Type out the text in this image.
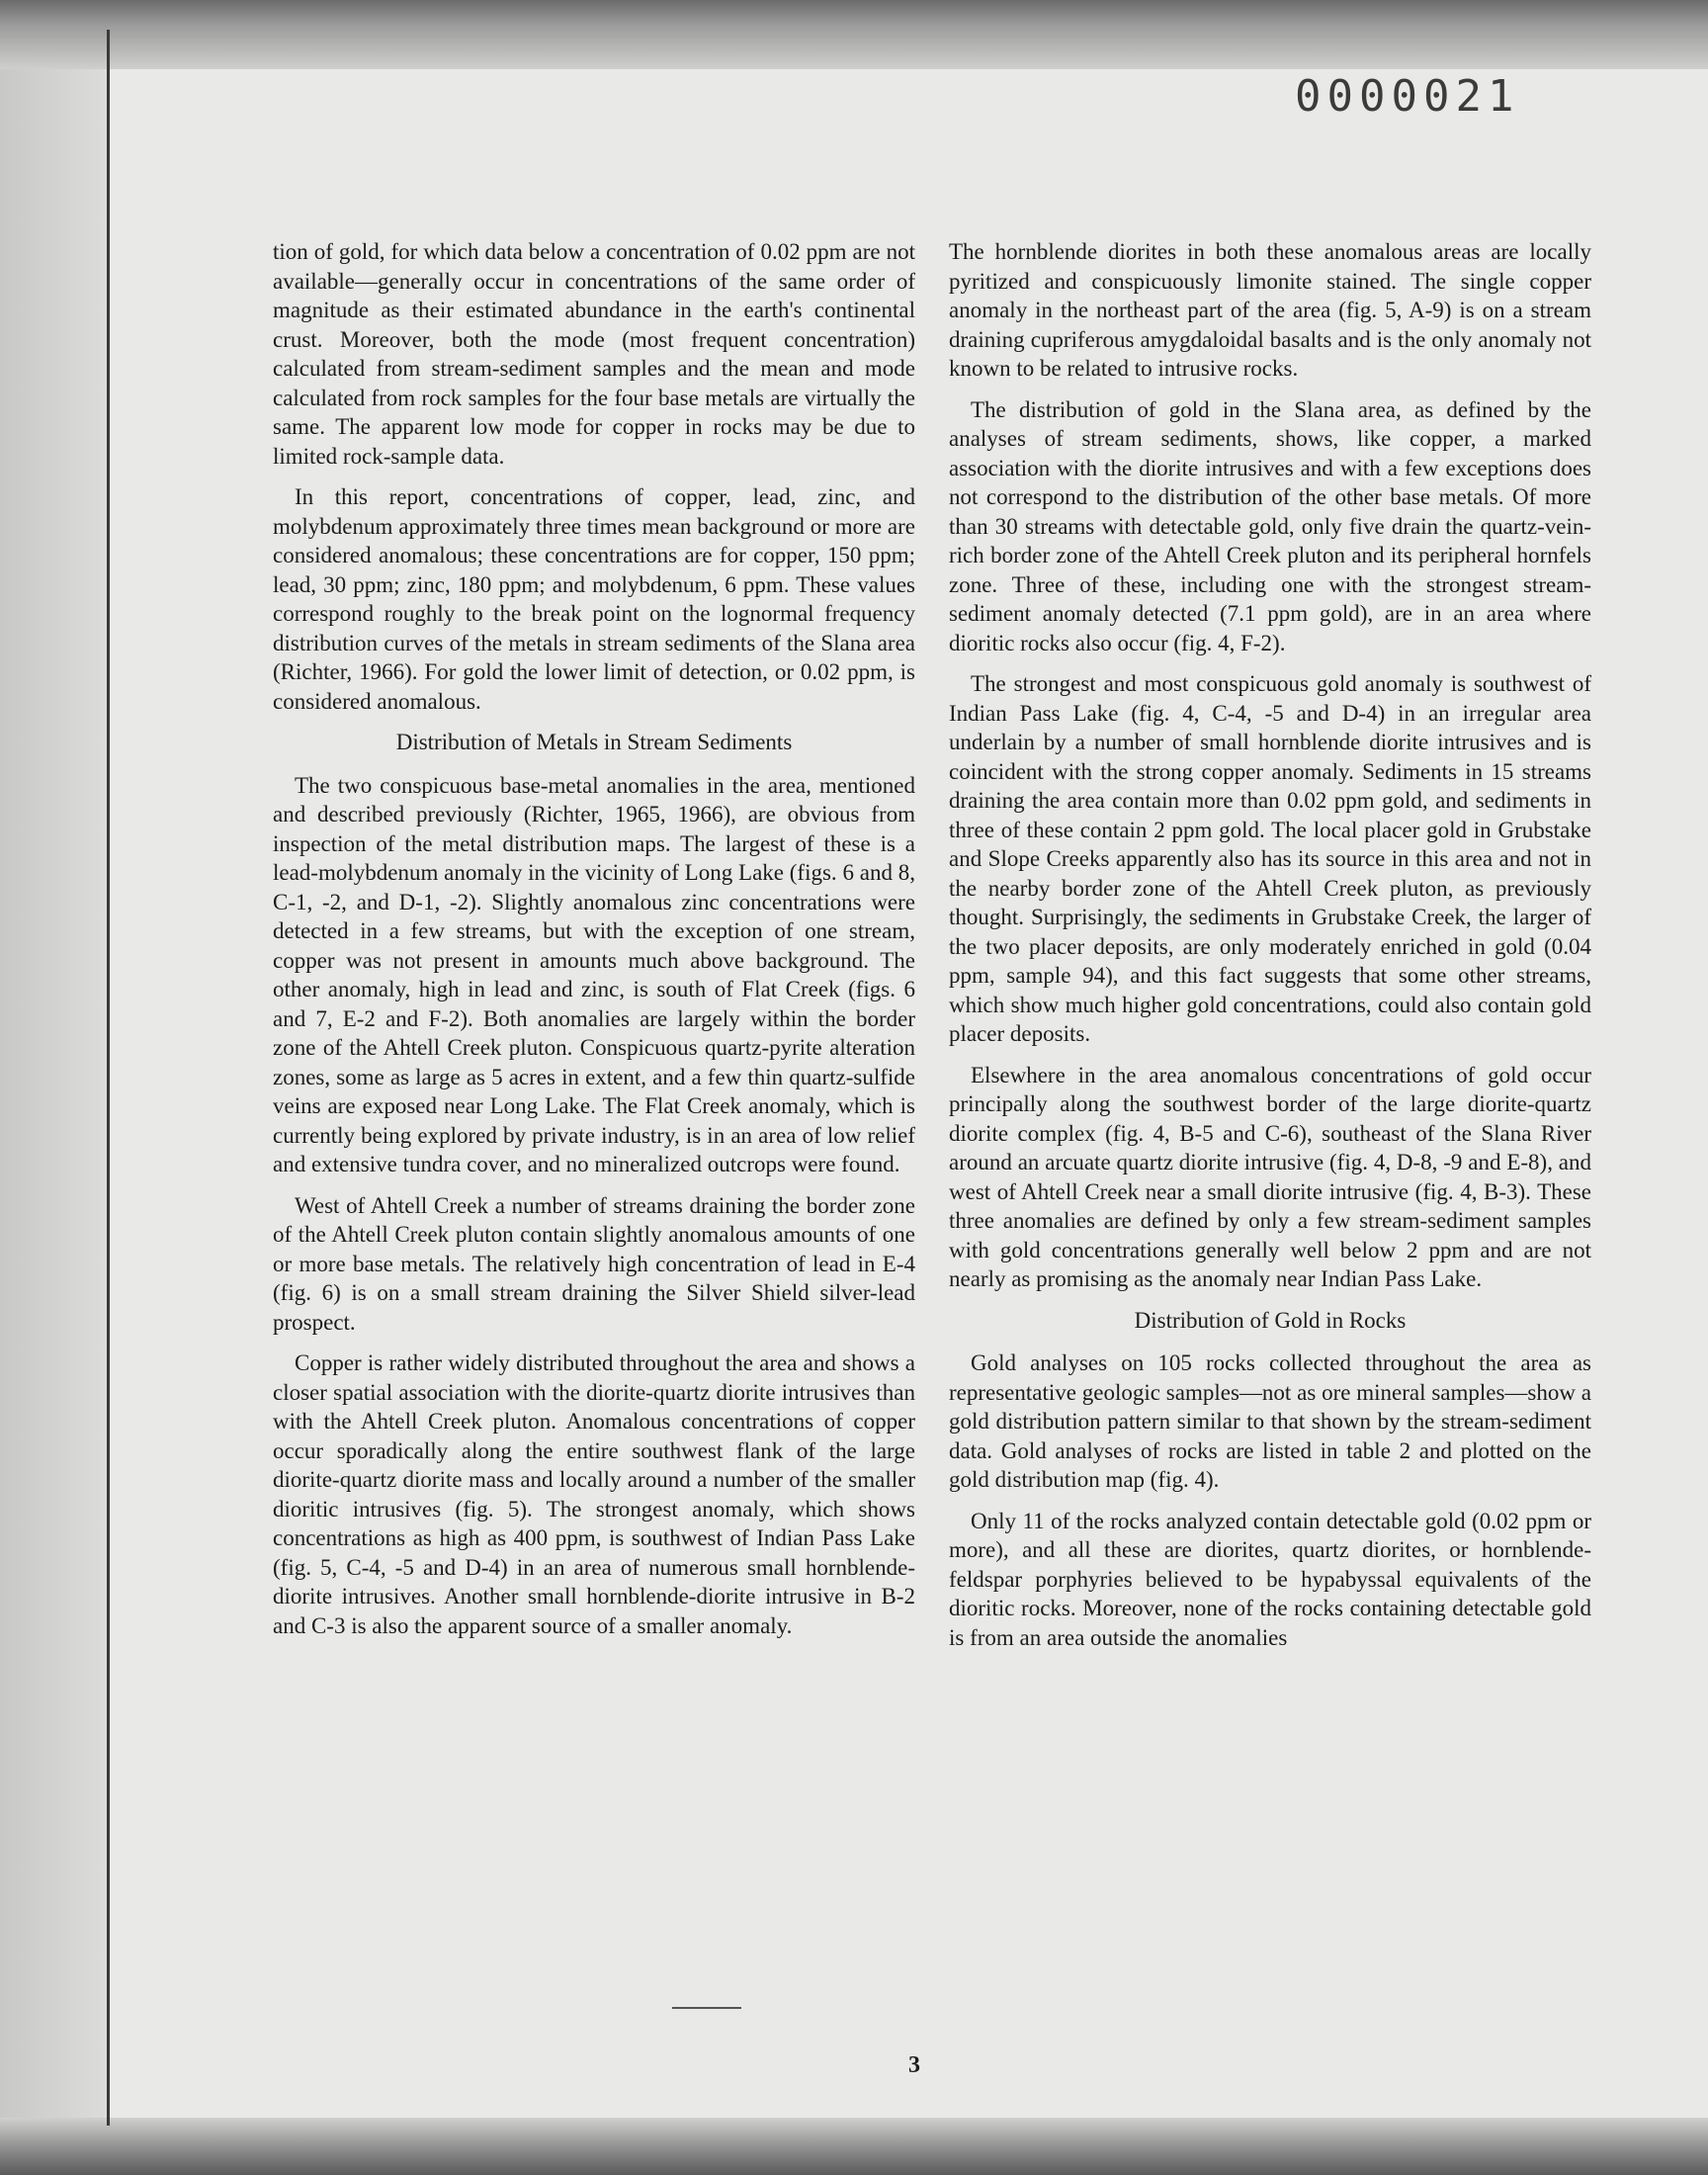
0000021

tion of gold, for which data below a concentration of 0.02 ppm are not available—generally occur in concentrations of the same order of magnitude as their estimated abundance in the earth's continental crust. Moreover, both the mode (most frequent concentration) calculated from stream-sediment samples and the mean and mode calculated from rock samples for the four base metals are virtually the same. The apparent low mode for copper in rocks may be due to limited rock-sample data.

In this report, concentrations of copper, lead, zinc, and molybdenum approximately three times mean background or more are considered anomalous; these concentrations are for copper, 150 ppm; lead, 30 ppm; zinc, 180 ppm; and molybdenum, 6 ppm. These values correspond roughly to the break point on the lognormal frequency distribution curves of the metals in stream sediments of the Slana area (Richter, 1966). For gold the lower limit of detection, or 0.02 ppm, is considered anomalous.

Distribution of Metals in Stream Sediments

The two conspicuous base-metal anomalies in the area, mentioned and described previously (Richter, 1965, 1966), are obvious from inspection of the metal distribution maps. The largest of these is a lead-molybdenum anomaly in the vicinity of Long Lake (figs. 6 and 8, C-1, -2, and D-1, -2). Slightly anomalous zinc concentrations were detected in a few streams, but with the exception of one stream, copper was not present in amounts much above background. The other anomaly, high in lead and zinc, is south of Flat Creek (figs. 6 and 7, E-2 and F-2). Both anomalies are largely within the border zone of the Ahtell Creek pluton. Conspicuous quartz-pyrite alteration zones, some as large as 5 acres in extent, and a few thin quartz-sulfide veins are exposed near Long Lake. The Flat Creek anomaly, which is currently being explored by private industry, is in an area of low relief and extensive tundra cover, and no mineralized outcrops were found.

West of Ahtell Creek a number of streams draining the border zone of the Ahtell Creek pluton contain slightly anomalous amounts of one or more base metals. The relatively high concentration of lead in E-4 (fig. 6) is on a small stream draining the Silver Shield silver-lead prospect.

Copper is rather widely distributed throughout the area and shows a closer spatial association with the diorite-quartz diorite intrusives than with the Ahtell Creek pluton. Anomalous concentrations of copper occur sporadically along the entire southwest flank of the large diorite-quartz diorite mass and locally around a number of the smaller dioritic intrusives (fig. 5). The strongest anomaly, which shows concentrations as high as 400 ppm, is southwest of Indian Pass Lake (fig. 5, C-4, -5 and D-4) in an area of numerous small hornblende-diorite intrusives. Another small hornblende-diorite intrusive in B-2 and C-3 is also the apparent source of a smaller anomaly.

The hornblende diorites in both these anomalous areas are locally pyritized and conspicuously limonite stained. The single copper anomaly in the northeast part of the area (fig. 5, A-9) is on a stream draining cupriferous amygdaloidal basalts and is the only anomaly not known to be related to intrusive rocks.

The distribution of gold in the Slana area, as defined by the analyses of stream sediments, shows, like copper, a marked association with the diorite intrusives and with a few exceptions does not correspond to the distribution of the other base metals. Of more than 30 streams with detectable gold, only five drain the quartz-vein-rich border zone of the Ahtell Creek pluton and its peripheral hornfels zone. Three of these, including one with the strongest stream-sediment anomaly detected (7.1 ppm gold), are in an area where dioritic rocks also occur (fig. 4, F-2).

The strongest and most conspicuous gold anomaly is southwest of Indian Pass Lake (fig. 4, C-4, -5 and D-4) in an irregular area underlain by a number of small hornblende diorite intrusives and is coincident with the strong copper anomaly. Sediments in 15 streams draining the area contain more than 0.02 ppm gold, and sediments in three of these contain 2 ppm gold. The local placer gold in Grubstake and Slope Creeks apparently also has its source in this area and not in the nearby border zone of the Ahtell Creek pluton, as previously thought. Surprisingly, the sediments in Grubstake Creek, the larger of the two placer deposits, are only moderately enriched in gold (0.04 ppm, sample 94), and this fact suggests that some other streams, which show much higher gold concentrations, could also contain gold placer deposits.

Elsewhere in the area anomalous concentrations of gold occur principally along the southwest border of the large diorite-quartz diorite complex (fig. 4, B-5 and C-6), southeast of the Slana River around an arcuate quartz diorite intrusive (fig. 4, D-8, -9 and E-8), and west of Ahtell Creek near a small diorite intrusive (fig. 4, B-3). These three anomalies are defined by only a few stream-sediment samples with gold concentrations generally well below 2 ppm and are not nearly as promising as the anomaly near Indian Pass Lake.

Distribution of Gold in Rocks

Gold analyses on 105 rocks collected throughout the area as representative geologic samples—not as ore mineral samples—show a gold distribution pattern similar to that shown by the stream-sediment data. Gold analyses of rocks are listed in table 2 and plotted on the gold distribution map (fig. 4).

Only 11 of the rocks analyzed contain detectable gold (0.02 ppm or more), and all these are diorites, quartz diorites, or hornblende-feldspar porphyries believed to be hypabyssal equivalents of the dioritic rocks. Moreover, none of the rocks containing detectable gold is from an area outside the anomalies

3
